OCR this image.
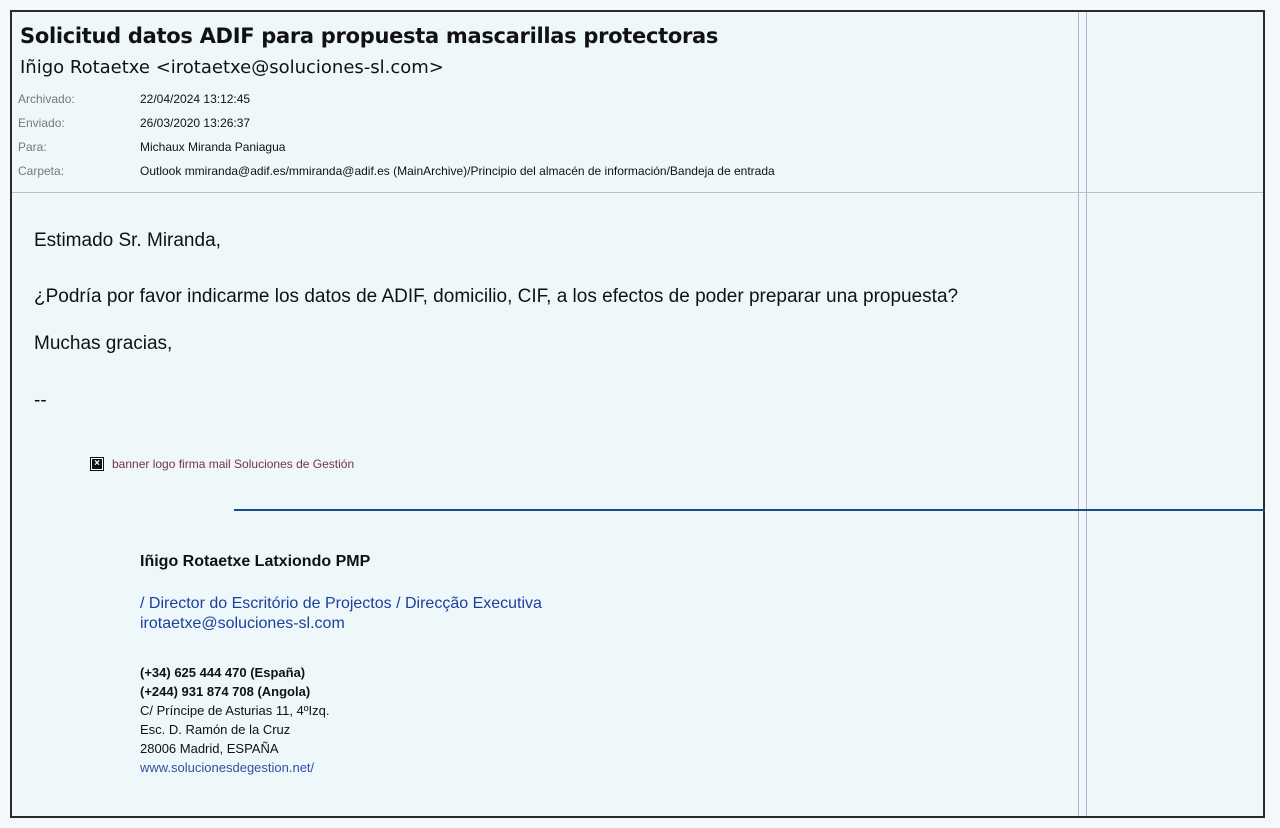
Solicitud datos ADIF para propuesta mascarillas protectoras
Iñigo Rotaetxe <irotaetxe@soluciones-sl.com>
Archivado:	22/04/2024 13:12:45
Enviado:	26/03/2020 13:26:37
Para:	Michaux Miranda Paniagua
Carpeta:	Outlook mmiranda@adif.es/mmiranda@adif.es (MainArchive)/Principio del almacén de información/Bandeja de entrada
Estimado Sr. Miranda,
¿Podría por favor indicarme los datos de ADIF, domicilio, CIF, a los efectos de poder preparar una propuesta?
Muchas gracias,
--
× banner logo firma mail Soluciones de Gestión
Iñigo Rotaetxe Latxiondo PMP
/ Director do Escritório de Projectos / Direcção Executiva
irotaetxe@soluciones-sl.com
(+34) 625 444 470 (España)
(+244) 931 874 708 (Angola)
C/ Príncipe de Asturias 11, 4ºIzq.
Esc. D. Ramón de la Cruz
28006 Madrid, ESPAÑA
www.solucionesdegestion.net/
